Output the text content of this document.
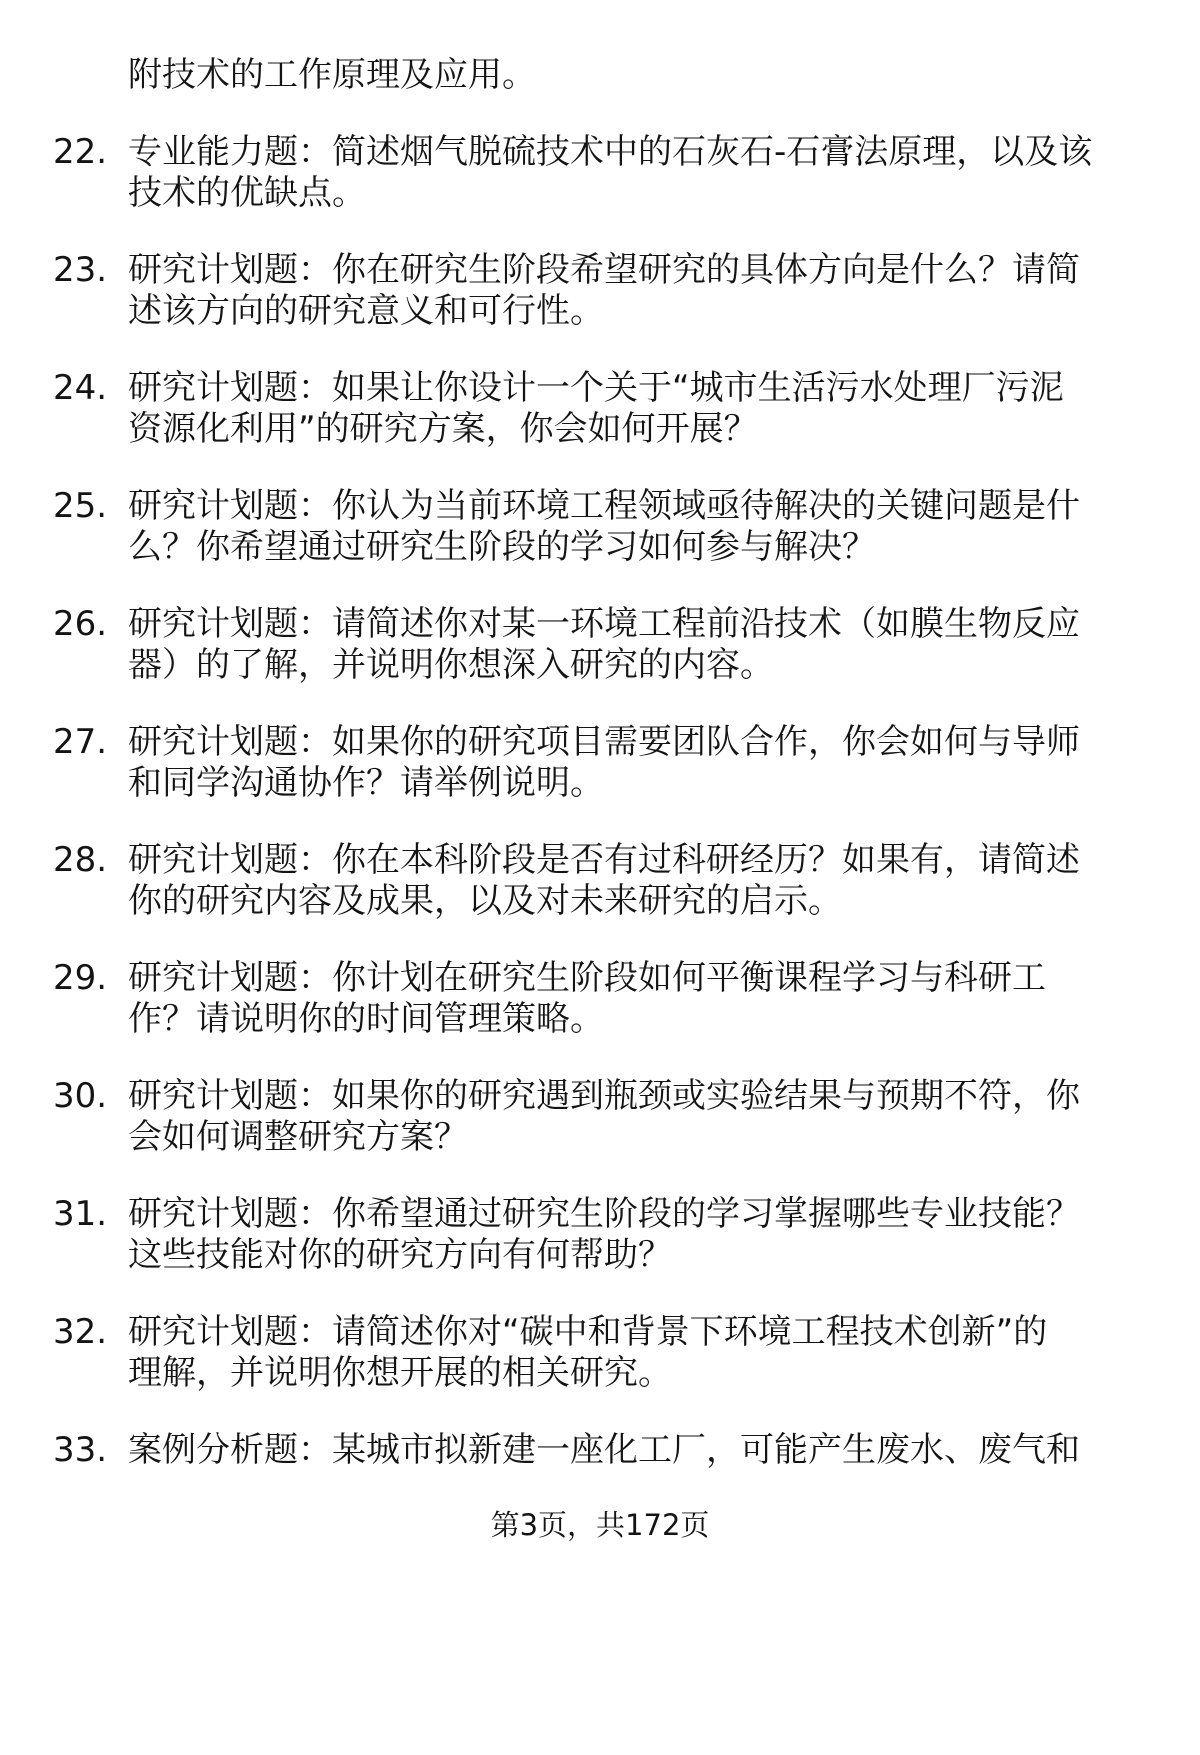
附技术的工作原理及应用。
22. 专业能力题：简述烟气脱硫技术中的石灰石-石膏法原理，以及该
技术的优缺点。
23. 研究计划题：你在研究生阶段希望研究的具体方向是什么？请简
述该方向的研究意义和可行性。
24. 研究计划题：如果让你设计一个关于“城市生活污水处理厂污泥
资源化利用”的研究方案，你会如何开展？
25. 研究计划题：你认为当前环境工程领域亟待解决的关键问题是什
么？你希望通过研究生阶段的学习如何参与解决？
26. 研究计划题：请简述你对某一环境工程前沿技术（如膜生物反应
器）的了解，并说明你想深入研究的内容。
27. 研究计划题：如果你的研究项目需要团队合作，你会如何与导师
和同学沟通协作？请举例说明。
28. 研究计划题：你在本科阶段是否有过科研经历？如果有，请简述
你的研究内容及成果，以及对未来研究的启示。
29. 研究计划题：你计划在研究生阶段如何平衡课程学习与科研工
作？请说明你的时间管理策略。
30. 研究计划题：如果你的研究遇到瓶颈或实验结果与预期不符，你
会如何调整研究方案？
31. 研究计划题：你希望通过研究生阶段的学习掌握哪些专业技能？
这些技能对你的研究方向有何帮助？
32. 研究计划题：请简述你对“碳中和背景下环境工程技术创新”的
理解，并说明你想开展的相关研究。
33. 案例分析题：某城市拟新建一座化工厂，可能产生废水、废气和
第3页，共172页
